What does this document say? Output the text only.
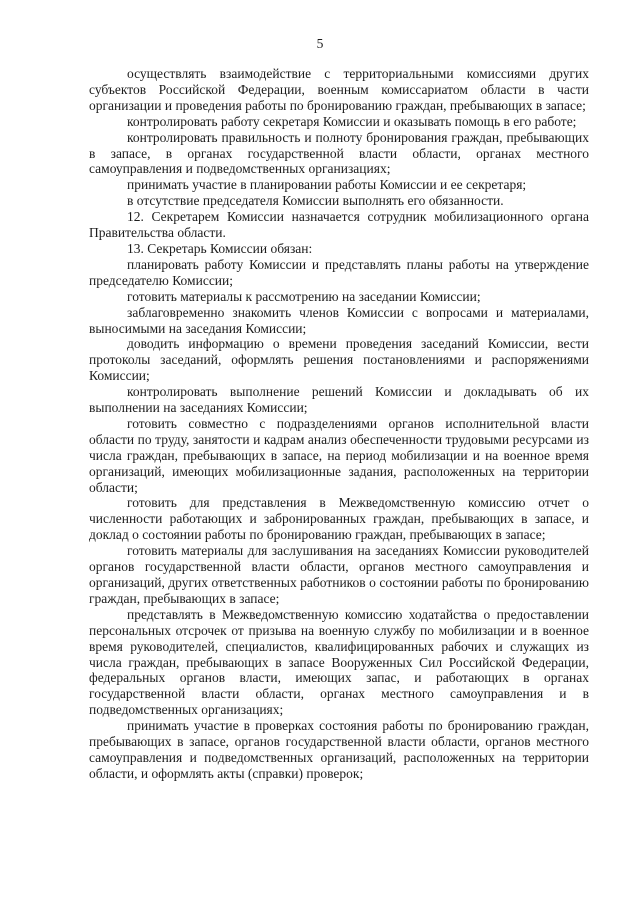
5

осуществлять взаимодействие с территориальными комиссиями других субъектов Российской Федерации, военным комиссариатом области в части организации и проведения работы по бронированию граждан, пребывающих в запасе;

контролировать работу секретаря Комиссии и оказывать помощь в его работе;

контролировать правильность и полноту бронирования граждан, пребывающих в запасе, в органах государственной власти области, органах местного самоуправления и подведомственных организациях;

принимать участие в планировании работы Комиссии и ее секретаря;

в отсутствие председателя Комиссии выполнять его обязанности.

12. Секретарем Комиссии назначается сотрудник мобилизационного органа Правительства области.

13. Секретарь Комиссии обязан:

планировать работу Комиссии и представлять планы работы на утверждение председателю Комиссии;

готовить материалы к рассмотрению на заседании Комиссии;

заблаговременно знакомить членов Комиссии с вопросами и материалами, выносимыми на заседания Комиссии;

доводить информацию о времени проведения заседаний Комиссии, вести протоколы заседаний, оформлять решения постановлениями и распоряжениями Комиссии;

контролировать выполнение решений Комиссии и докладывать об их выполнении на заседаниях Комиссии;

готовить совместно с подразделениями органов исполнительной власти области по труду, занятости и кадрам анализ обеспеченности трудовыми ресурсами из числа граждан, пребывающих в запасе, на период мобилизации и на военное время организаций, имеющих мобилизационные задания, расположенных на территории области;

готовить для представления в Межведомственную комиссию отчет о численности работающих и забронированных граждан, пребывающих в запасе, и доклад о состоянии работы по бронированию граждан, пребывающих в запасе;

готовить материалы для заслушивания на заседаниях Комиссии руководителей органов государственной власти области, органов местного самоуправления и организаций, других ответственных работников о состоянии работы по бронированию граждан, пребывающих в запасе;

представлять в Межведомственную комиссию ходатайства о предоставлении персональных отсрочек от призыва на военную службу по мобилизации и в военное время руководителей, специалистов, квалифицированных рабочих и служащих из числа граждан, пребывающих в запасе Вооруженных Сил Российской Федерации, федеральных органов власти, имеющих запас, и работающих в органах государственной власти области, органах местного самоуправления и в подведомственных организациях;

принимать участие в проверках состояния работы по бронированию граждан, пребывающих в запасе, органов государственной власти области, органов местного самоуправления и подведомственных организаций, расположенных на территории области, и оформлять акты (справки) проверок;
